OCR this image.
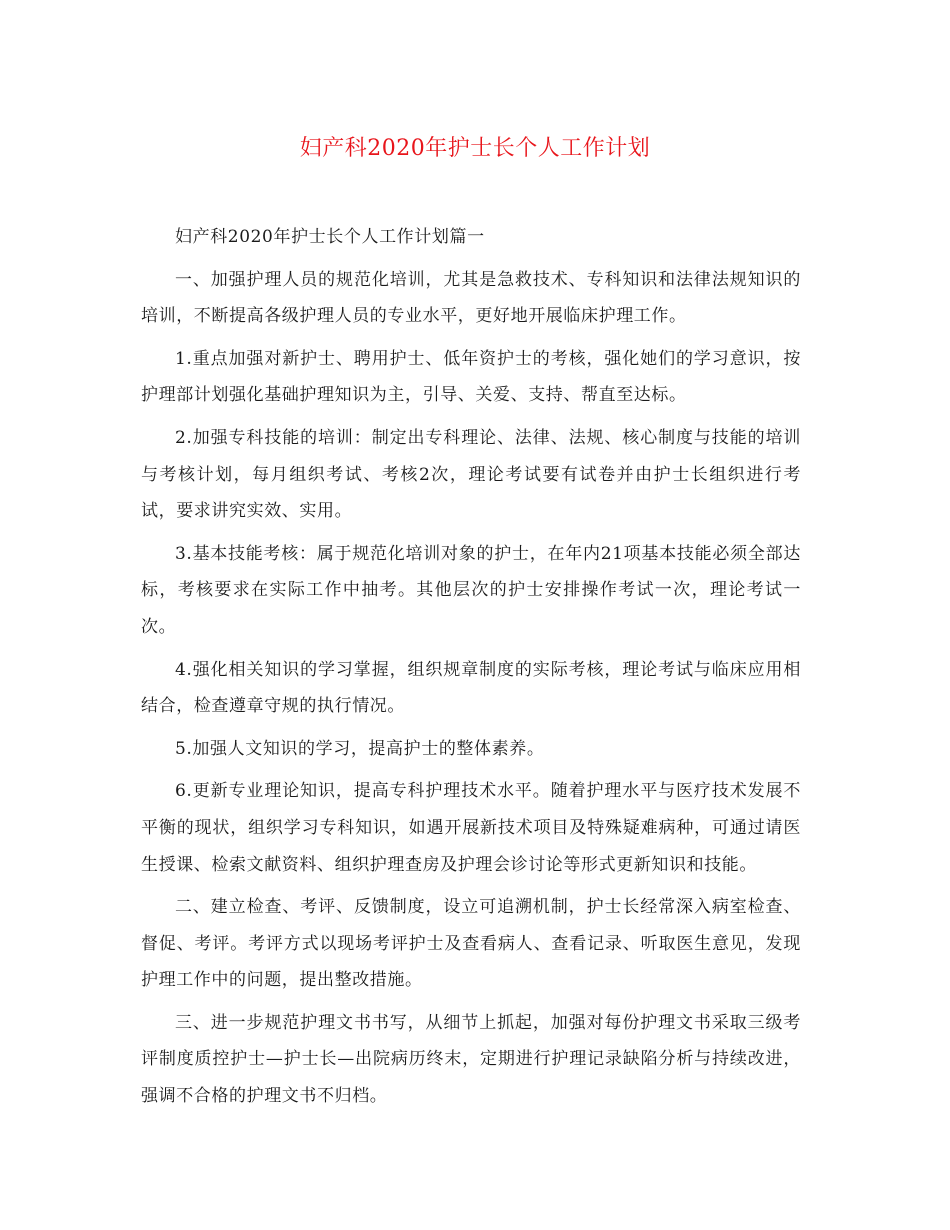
妇产科2020年护士长个人工作计划

妇产科2020年护士长个人工作计划篇一

一、加强护理人员的规范化培训，尤其是急救技术、专科知识和法律法规知识的培训，不断提高各级护理人员的专业水平，更好地开展临床护理工作。

1.重点加强对新护士、聘用护士、低年资护士的考核，强化她们的学习意识，按护理部计划强化基础护理知识为主，引导、关爱、支持、帮直至达标。

2.加强专科技能的培训：制定出专科理论、法律、法规、核心制度与技能的培训与考核计划，每月组织考试、考核2次，理论考试要有试卷并由护士长组织进行考试，要求讲究实效、实用。

3.基本技能考核：属于规范化培训对象的护士，在年内21项基本技能必须全部达标，考核要求在实际工作中抽考。其他层次的护士安排操作考试一次，理论考试一次。

4.强化相关知识的学习掌握，组织规章制度的实际考核，理论考试与临床应用相结合，检查遵章守规的执行情况。

5.加强人文知识的学习，提高护士的整体素养。

6.更新专业理论知识，提高专科护理技术水平。随着护理水平与医疗技术发展不平衡的现状，组织学习专科知识，如遇开展新技术项目及特殊疑难病种，可通过请医生授课、检索文献资料、组织护理查房及护理会诊讨论等形式更新知识和技能。

二、建立检查、考评、反馈制度，设立可追溯机制，护士长经常深入病室检查、督促、考评。考评方式以现场考评护士及查看病人、查看记录、听取医生意见，发现护理工作中的问题，提出整改措施。

三、进一步规范护理文书书写，从细节上抓起，加强对每份护理文书采取三级考评制度质控护士—护士长—出院病历终末，定期进行护理记录缺陷分析与持续改进，强调不合格的护理文书不归档。
